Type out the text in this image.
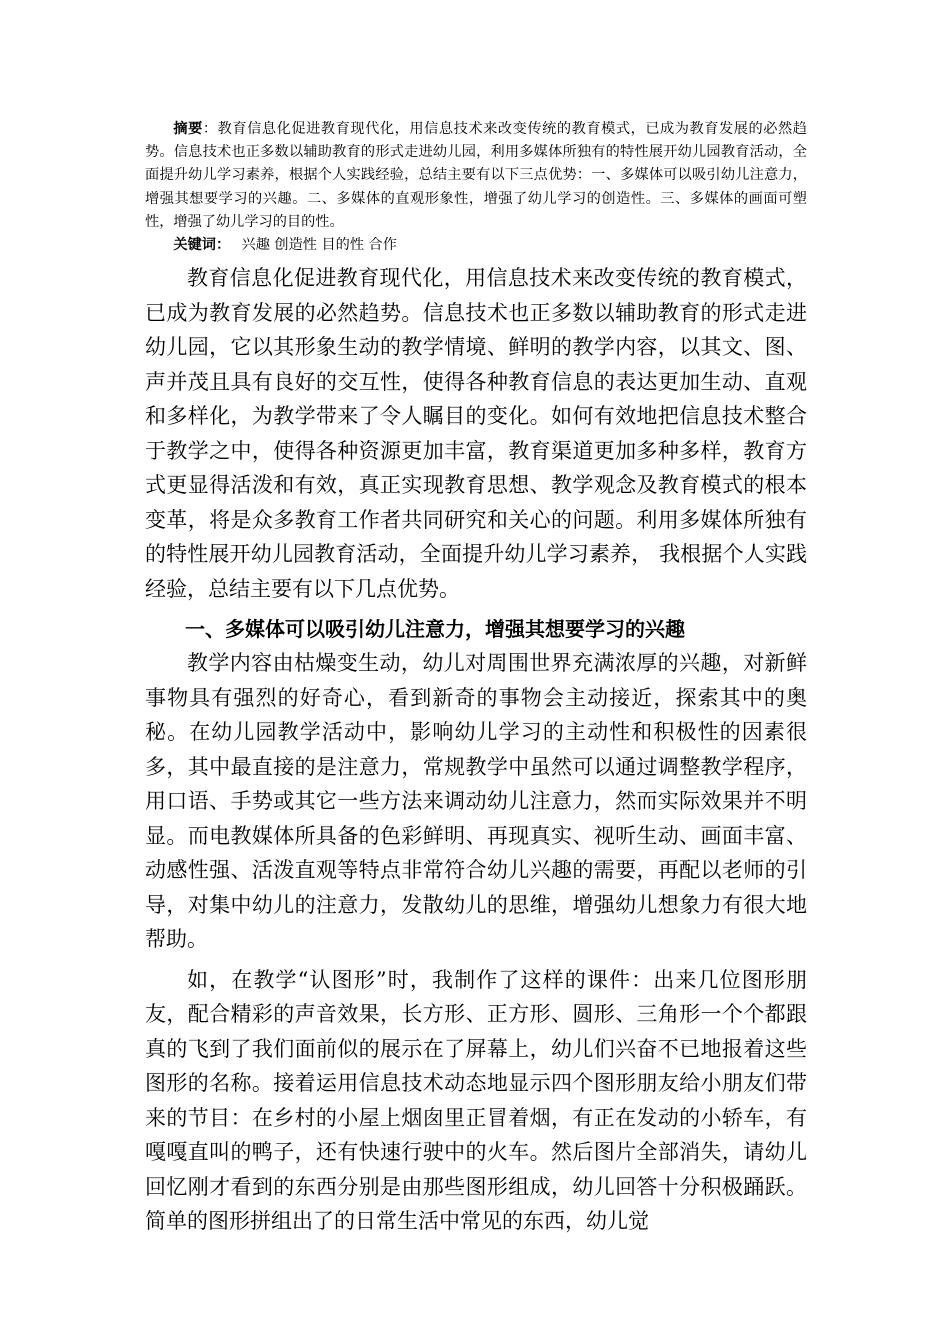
摘要：教育信息化促进教育现代化，用信息技术来改变传统的教育模式，已成为教育发展的必然趋势。信息技术也正多数以辅助教育的形式走进幼儿园，利用多媒体所独有的特性展开幼儿园教育活动，全面提升幼儿学习素养，根据个人实践经验，总结主要有以下三点优势：一、多媒体可以吸引幼儿注意力，增强其想要学习的兴趣。二、多媒体的直观形象性，增强了幼儿学习的创造性。三、多媒体的画面可塑性，增强了幼儿学习的目的性。

关键词： 兴趣 创造性 目的性 合作

教育信息化促进教育现代化，用信息技术来改变传统的教育模式，已成为教育发展的必然趋势。信息技术也正多数以辅助教育的形式走进幼儿园，它以其形象生动的教学情境、鲜明的教学内容，以其文、图、声并茂且具有良好的交互性，使得各种教育信息的表达更加生动、直观和多样化，为教学带来了令人瞩目的变化。如何有效地把信息技术整合于教学之中，使得各种资源更加丰富，教育渠道更加多种多样，教育方式更显得活泼和有效，真正实现教育思想、教学观念及教育模式的根本变革，将是众多教育工作者共同研究和关心的问题。利用多媒体所独有的特性展开幼儿园教育活动，全面提升幼儿学习素养， 我根据个人实践经验，总结主要有以下几点优势。

一、多媒体可以吸引幼儿注意力，增强其想要学习的兴趣

教学内容由枯燥变生动，幼儿对周围世界充满浓厚的兴趣，对新鲜事物具有强烈的好奇心，看到新奇的事物会主动接近，探索其中的奥秘。在幼儿园教学活动中，影响幼儿学习的主动性和积极性的因素很多，其中最直接的是注意力，常规教学中虽然可以通过调整教学程序，用口语、手势或其它一些方法来调动幼儿注意力，然而实际效果并不明显。而电教媒体所具备的色彩鲜明、再现真实、视听生动、画面丰富、动感性强、活泼直观等特点非常符合幼儿兴趣的需要，再配以老师的引导，对集中幼儿的注意力，发散幼儿的思维，增强幼儿想象力有很大地帮助。

如，在教学“认图形”时，我制作了这样的课件：出来几位图形朋友，配合精彩的声音效果，长方形、正方形、圆形、三角形一个个都跟真的飞到了我们面前似的展示在了屏幕上，幼儿们兴奋不已地报着这些图形的名称。接着运用信息技术动态地显示四个图形朋友给小朋友们带来的节目：在乡村的小屋上烟囱里正冒着烟，有正在发动的小轿车，有嘎嘎直叫的鸭子，还有快速行驶中的火车。然后图片全部消失，请幼儿回忆刚才看到的东西分别是由那些图形组成，幼儿回答十分积极踊跃。简单的图形拼组出了的日常生活中常见的东西，幼儿觉
